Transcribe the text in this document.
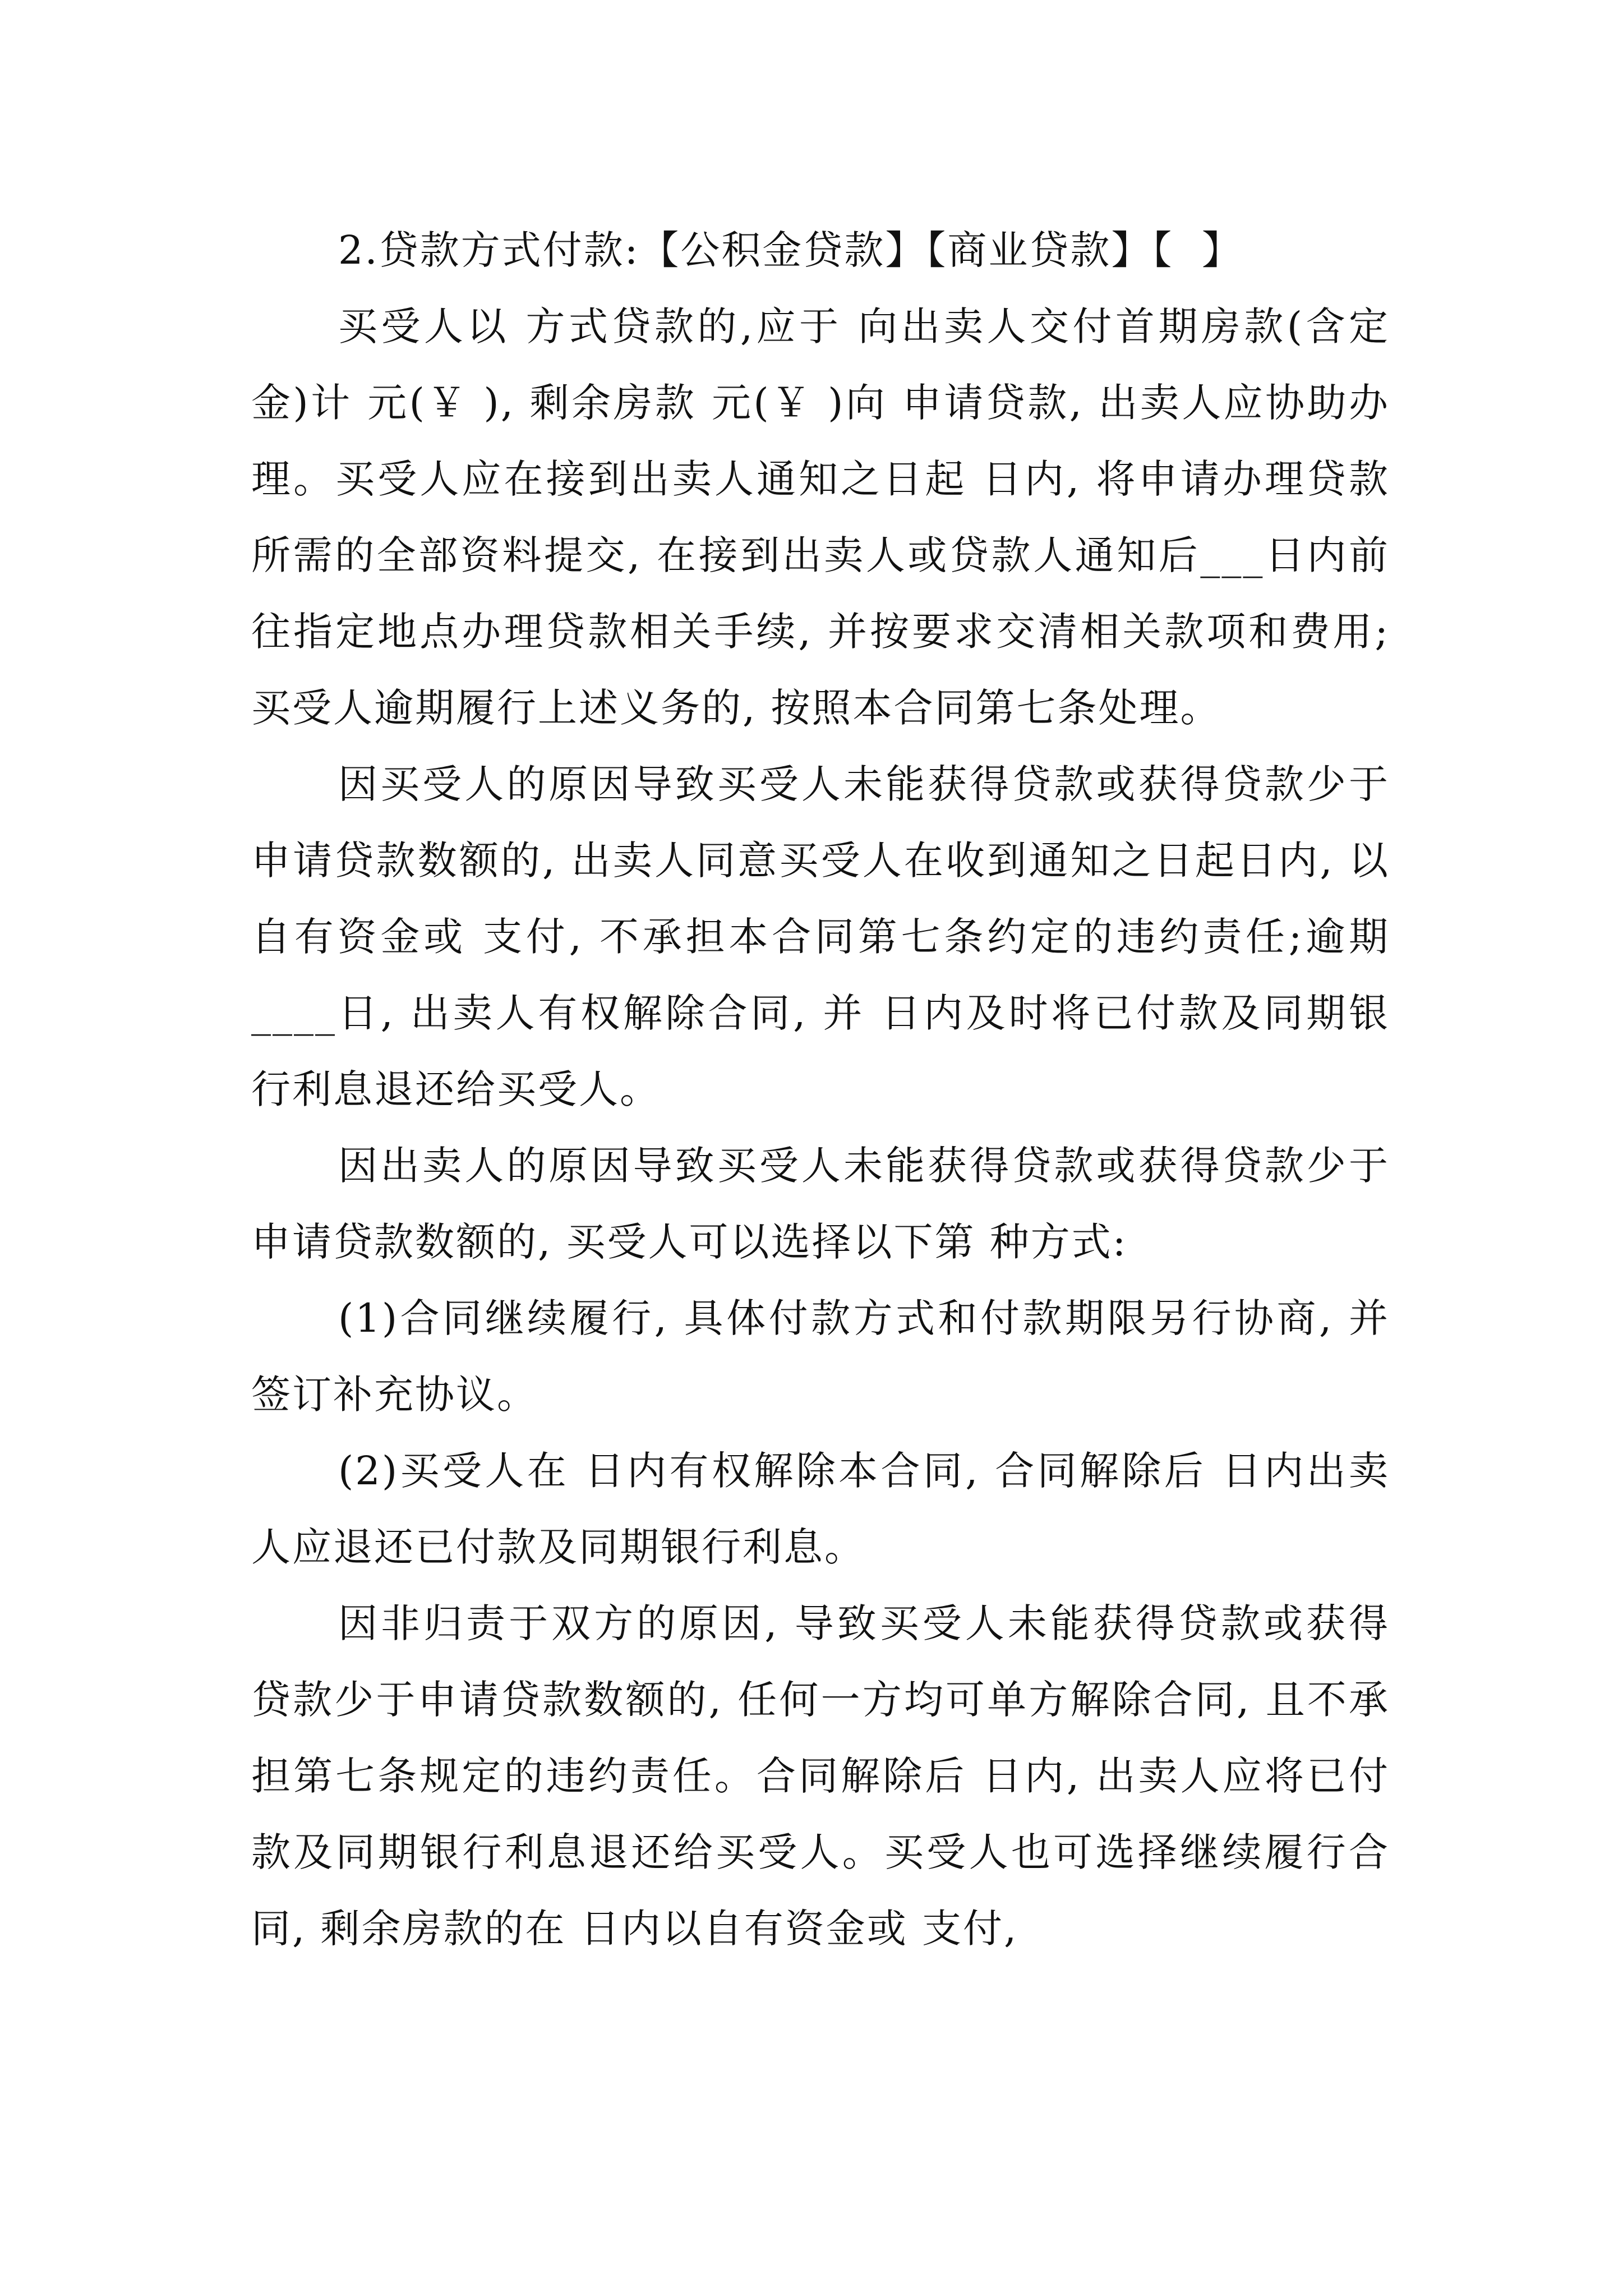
2.贷款方式付款:【公积金贷款】【商业贷款】【  】

买受人以 方式贷款的,应于 向出卖人交付首期房款(含定金)计 元(￥ ), 剩余房款 元(￥ )向 申请贷款, 出卖人应协助办理。买受人应在接到出卖人通知之日起 日内, 将申请办理贷款所需的全部资料提交, 在接到出卖人或贷款人通知后___日内前往指定地点办理贷款相关手续, 并按要求交清相关款项和费用;买受人逾期履行上述义务的, 按照本合同第七条处理。

因买受人的原因导致买受人未能获得贷款或获得贷款少于申请贷款数额的, 出卖人同意买受人在收到通知之日起日内, 以自有资金或 支付, 不承担本合同第七条约定的违约责任;逾期____日, 出卖人有权解除合同, 并 日内及时将已付款及同期银行利息退还给买受人。

因出卖人的原因导致买受人未能获得贷款或获得贷款少于申请贷款数额的, 买受人可以选择以下第 种方式:

(1)合同继续履行, 具体付款方式和付款期限另行协商, 并签订补充协议。

(2)买受人在 日内有权解除本合同, 合同解除后 日内出卖人应退还已付款及同期银行利息。

因非归责于双方的原因, 导致买受人未能获得贷款或获得贷款少于申请贷款数额的, 任何一方均可单方解除合同, 且不承担第七条规定的违约责任。合同解除后 日内, 出卖人应将已付款及同期银行利息退还给买受人。买受人也可选择继续履行合同, 剩余房款的在 日内以自有资金或 支付,
